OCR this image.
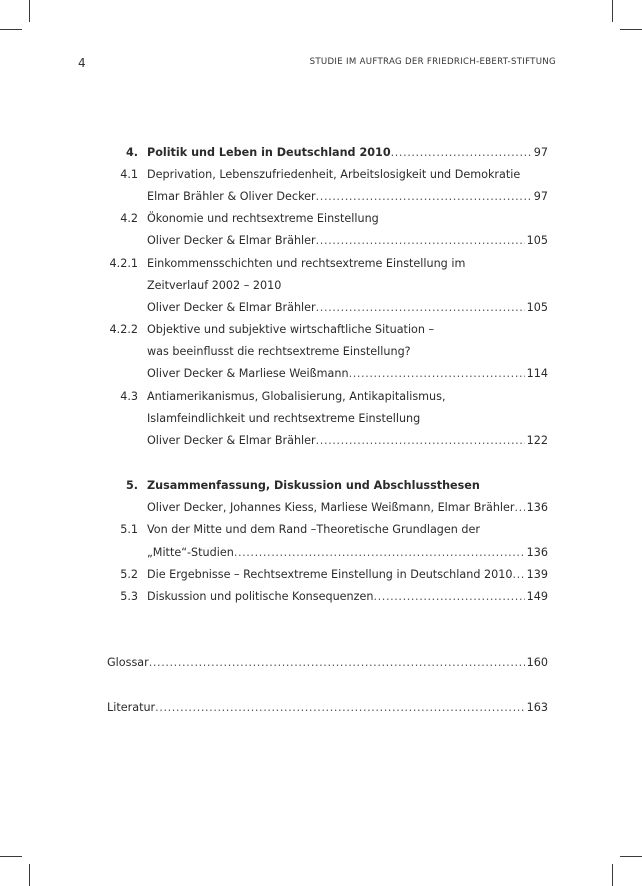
4	STUDIE IM AUFTRAG DER FRIEDRICH-EBERT-STIFTUNG
4. Politik und Leben in Deutschland 2010 .....	97
4.1 Deprivation, Lebenszufriedenheit, Arbeitslosigkeit und Demokratie
Elmar Brähler & Oliver Decker .....	97
4.2 Ökonomie und rechtsextreme Einstellung
Oliver Decker & Elmar Brähler .....	105
4.2.1 Einkommensschichten und rechtsextreme Einstellung im
Zeitverlauf 2002 – 2010
Oliver Decker & Elmar Brähler .....	105
4.2.2 Objektive und subjektive wirtschaftliche Situation –
was beeinflusst die rechtsextreme Einstellung?
Oliver Decker & Marliese Weißmann .....	114
4.3 Antiamerikanismus, Globalisierung, Antikapitalismus,
Islamfeindlichkeit und rechtsextreme Einstellung
Oliver Decker & Elmar Brähler .....	122
5. Zusammenfassung, Diskussion und Abschlussthesen
Oliver Decker, Johannes Kiess, Marliese Weißmann, Elmar Brähler ..... 136
5.1 Von der Mitte und dem Rand –Theoretische Grundlagen der
„Mitte“-Studien .....	136
5.2 Die Ergebnisse – Rechtsextreme Einstellung in Deutschland 2010 ..... 139
5.3 Diskussion und politische Konsequenzen .....	149
Glossar .....	160
Literatur .....	163
